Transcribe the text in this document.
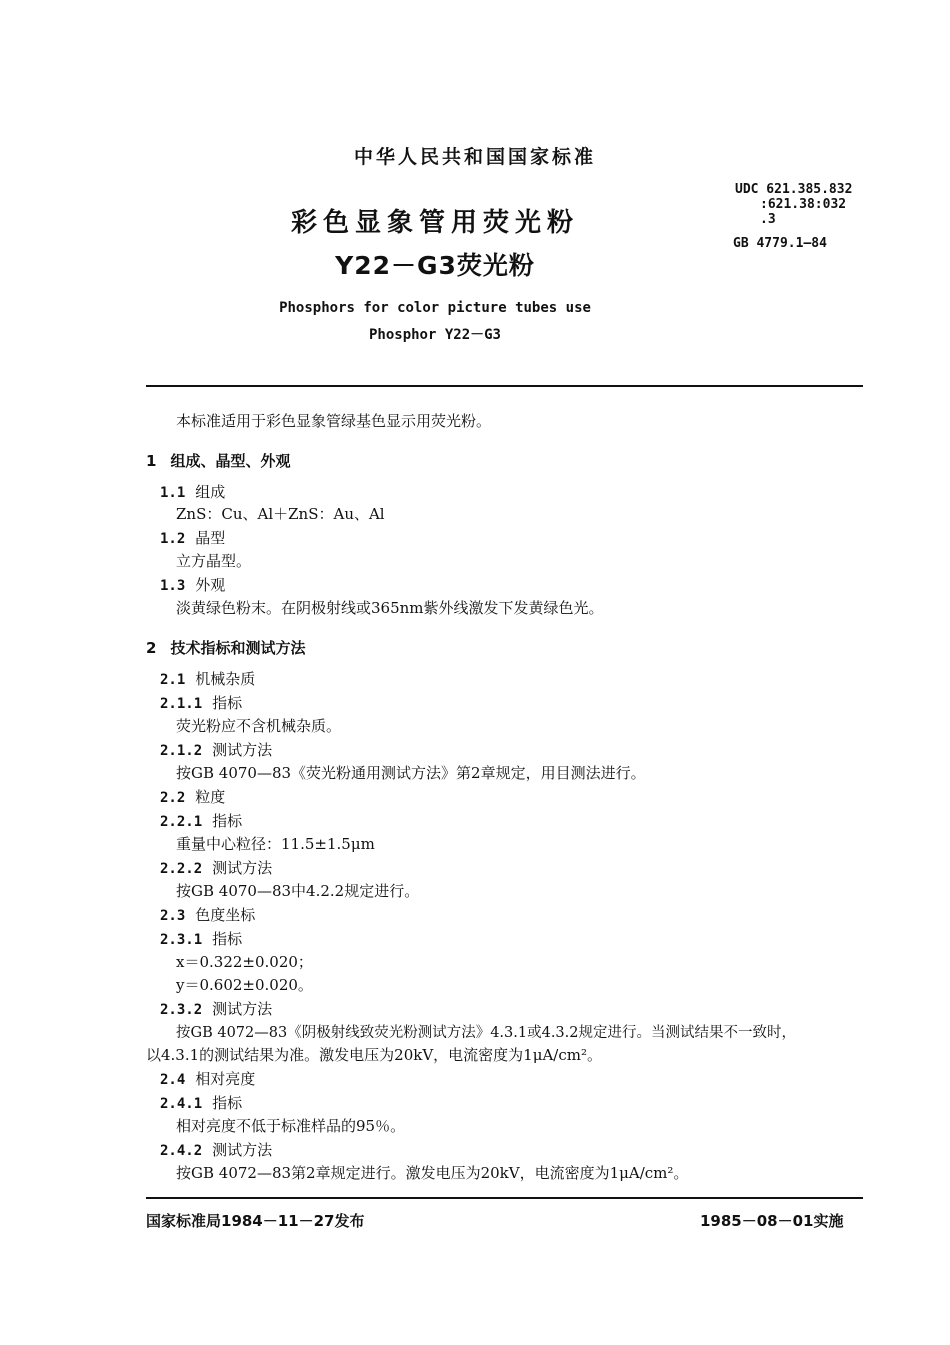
中华人民共和国国家标准
UDC 621.385.832
:621.38:032
.3
GB 4779.1—84
彩色显象管用荧光粉
Y22－G3荧光粉
Phosphors for color picture tubes use
Phosphor Y22－G3
本标准适用于彩色显象管绿基色显示用荧光粉。
1 组成、晶型、外观
1.1 组成
ZnS：Cu、Al＋ZnS：Au、Al
1.2 晶型
立方晶型。
1.3 外观
淡黄绿色粉末。在阴极射线或365nm紫外线激发下发黄绿色光。
2 技术指标和测试方法
2.1 机械杂质
2.1.1 指标
荧光粉应不含机械杂质。
2.1.2 测试方法
按GB 4070—83《荧光粉通用测试方法》第2章规定，用目测法进行。
2.2 粒度
2.2.1 指标
重量中心粒径：11.5±1.5μm
2.2.2 测试方法
按GB 4070—83中4.2.2规定进行。
2.3 色度坐标
2.3.1 指标
x＝0.322±0.020；
y＝0.602±0.020。
2.3.2 测试方法
按GB 4072—83《阴极射线致荧光粉测试方法》4.3.1或4.3.2规定进行。当测试结果不一致时，
以4.3.1的测试结果为准。激发电压为20kV，电流密度为1μA/cm²。
2.4 相对亮度
2.4.1 指标
相对亮度不低于标准样品的95％。
2.4.2 测试方法
按GB 4072—83第2章规定进行。激发电压为20kV，电流密度为1μA/cm²。
国家标准局1984－11－27发布	1985－08－01实施
